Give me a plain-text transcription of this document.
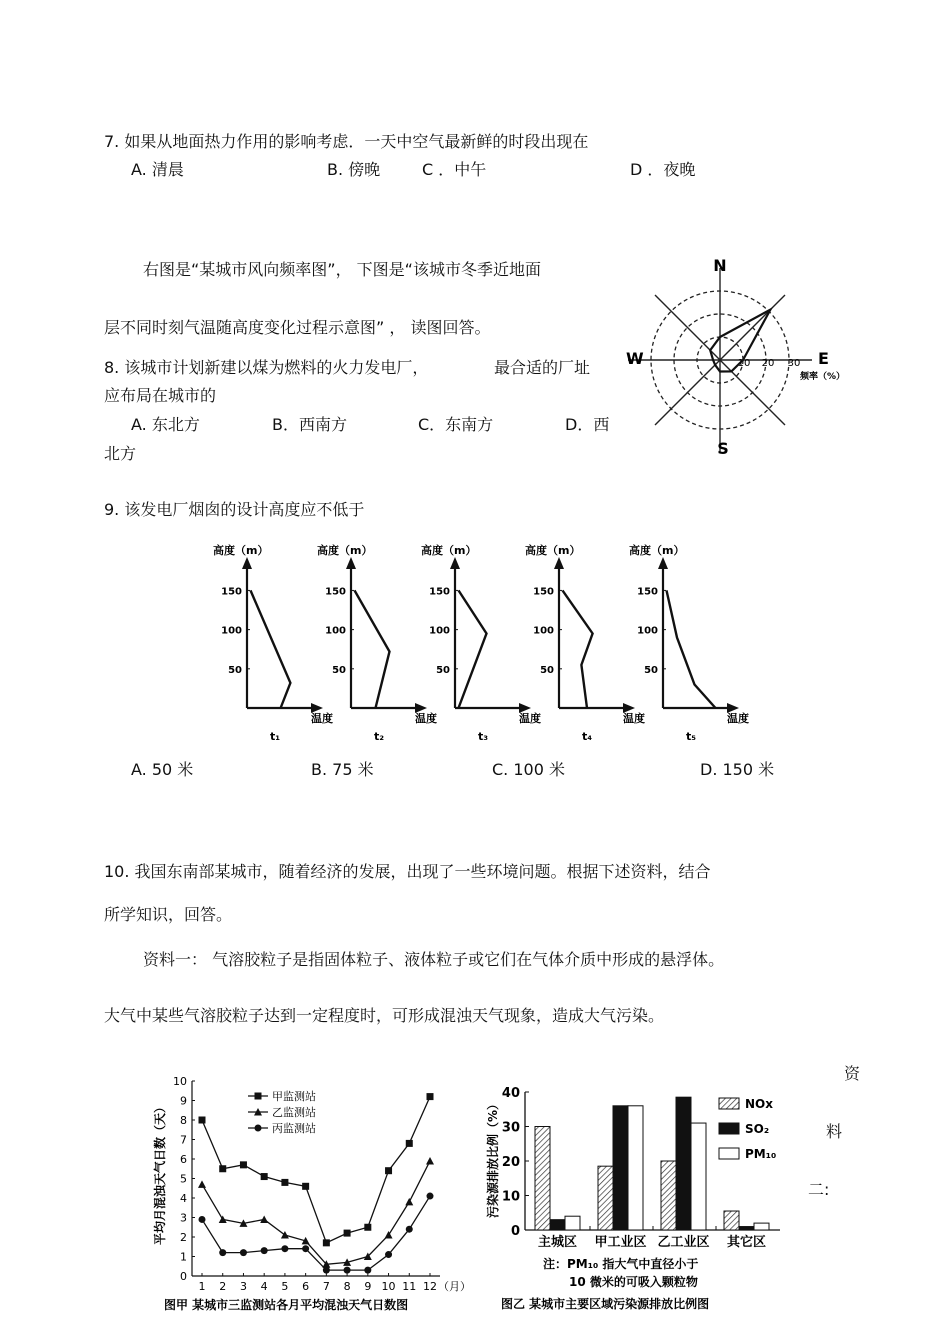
7. 如果从地面热力作用的影响考虑．一天中空气最新鲜的时段出现在
A. 清晨	B. 傍晚	C ．中午	D ．夜晚
右图是“某城市风向频率图”， 下图是“该城市冬季近地面
层不同时刻气温随高度变化过程示意图” ， 读图回答。
8. 该城市计划新建以煤为燃料的火力发电厂，	最合适的厂址
应布局在城市的
A. 东北方	B．西南方	C．东南方	D．西
北方
N
S
E
W	10 20 30
频率（%）
9. 该发电厂烟囱的设计高度应不低于
高度（m）
50
100
150
温度
t₁
高度（m）
50
100
150
温度
t₂
高度（m）
50
100
150
温度
t₃
高度（m）
50
100
150
温度
t₄
高度（m）
50
100
150
温度
t₅
A. 50 米	B. 75 米	C. 100 米	D. 150 米
10. 我国东南部某城市，随着经济的发展，出现了一些环境问题。根据下述资料，结合
所学知识，回答。
资料一： 气溶胶粒子是指固体粒子、液体粒子或它们在气体介质中形成的悬浮体。
大气中某些气溶胶粒子达到一定程度时，可形成混浊天气现象，造成大气污染。
资
料
二:
平均月混浊天气日数（天）
（月）
图甲 某城市三监测站各月平均混浊天气日数图
0
1
2
3
4
5
6
7
8
9
10
1 2 3 4 5 6 7 8 9 10 11 12
甲监测站
乙监测站
丙监测站	污染源排放比例（%）
注：PM₁₀ 指大气中直径小于
10 微米的可吸入颗粒物
图乙 某城市主要区域污染源排放比例图
0
10
20
30
40
主城区 甲工业区 乙工业区 其它区
NOx
SO₂
PM₁₀
